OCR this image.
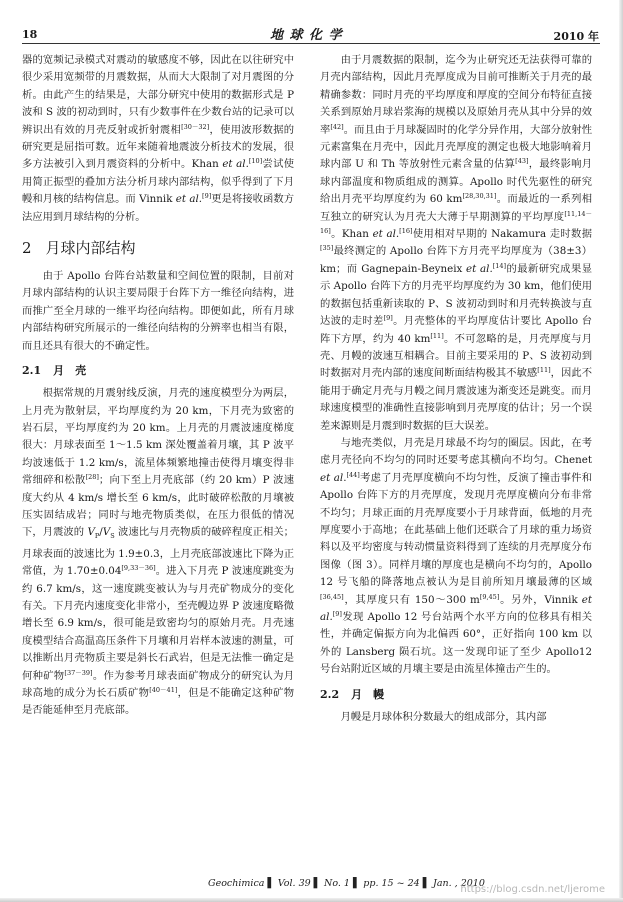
18	地 球 化 学	2010 年

器的宽频记录模式对震动的敏感度不够，因此在以往研究中很少采用宽频带的月震数据，从而大大限制了对月震图的分析。由此产生的结果是，大部分研究中使用的数据形式是 P 波和 S 波的初动到时，只有少数事件在少数台站的记录可以辨识出有效的月壳反射或折射震相[30－32]，使用波形数据的研究更是屈指可数。近年来随着地震波分析技术的发展，很多方法被引入到月震资料的分析中。Khan et al.[10]尝试使用简正振型的叠加方法分析月球内部结构，似乎得到了下月幔和月核的结构信息。而 Vinnik et al.[9]更是将接收函数方法应用到月球结构的分析。

2 月球内部结构

由于 Apollo 台阵台站数量和空间位置的限制，目前对月球内部结构的认识主要局限于台阵下方一维径向结构，进而推广至全月球的一维平均径向结构。即便如此，所有月球内部结构研究所展示的一维径向结构的分辨率也相当有限，而且还具有很大的不确定性。

2.1 月　壳

根据常规的月震射线反演，月壳的速度模型分为两层，上月壳为散射层，平均厚度约为 20 km，下月壳为致密的岩石层，平均厚度约为 20 km。上月壳的月震波速度梯度很大：月球表面至 1～1.5 km 深处覆盖着月壤，其 P 波平均波速低于 1.2 km/s，流星体频繁地撞击使得月壤变得非常细碎和松散[28]；向下至上月壳底部（约 20 km）P 波速度大约从 4 km/s 增长至 6 km/s，此时破碎松散的月壤被压实固结成岩；同时与地壳物质类似，在压力很低的情况下，月震波的 $V_P/V_S$ 波速比与月壳物质的破碎程度正相关；月球表面的波速比为 1.9±0.3，上月壳底部波速比下降为正常值，为 1.70±0.04[9,33－36]。进入下月壳 P 波速度跳变为约 6.7 km/s，这一速度跳变被认为与月壳矿物成分的变化有关。下月壳内速度变化非常小，至壳幔边界 P 波速度略微增长至 6.9 km/s，很可能是致密均匀的原始月壳。月壳速度模型结合高温高压条件下月壤和月岩样本波速的测量，可以推断出月壳物质主要是斜长石武岩，但是无法惟一确定是何种矿物[37－39]。作为参考月球表面矿物成分的研究认为月球高地的成分为长石质矿物[40－41]，但是不能确定这种矿物是否能延伸至月壳底部。

由于月震数据的限制，迄今为止研究还无法获得可靠的月壳内部结构，因此月壳厚度成为目前可推断关于月壳的最精确参数：同时月壳的平均厚度和厚度的空间分布特征直接关系到原始月球岩浆海的规模以及原始月壳从其中分异的效率[42]。而且由于月球凝固时的化学分异作用，大部分放射性元素富集在月壳中，因此月壳厚度的测定也极大地影响着月球内部 U 和 Th 等放射性元素含量的估算[43]，最终影响月球内部温度和物质组成的测算。Apollo 时代先驱性的研究给出月壳平均厚度约为 60 km[28,30,31]。而最近的一系列相互独立的研究认为月壳大大薄于早期测算的平均厚度[11,14－16]。Khan et al.[16]使用相对早期的 Nakamura 走时数据[35]最终测定的 Apollo 台阵下方月壳平均厚度为（38±3）km；而 Gagnepain-Beyneix et al.[14]的最新研究成果显示 Apollo 台阵下方的月壳平均厚度约为 30 km，他们使用的数据包括重新读取的 P、S 波初动到时和月壳转换波与直达波的走时差[9]。月壳整体的平均厚度估计要比 Apollo 台阵下方厚，约为 40 km[11]。不可忽略的是，月壳厚度与月壳、月幔的波速互相耦合。目前主要采用的 P、S 波初动到时数据对月壳内部的速度间断面结构极其不敏感[11]，因此不能用于确定月壳与月幔之间月震波速为渐变还是跳变。而月球速度模型的准确性直接影响到月壳厚度的估计；另一个误差来源则是月震到时数据的巨大误差。

与地壳类似，月壳是月球最不均匀的圈层。因此，在考虑月壳径向不均匀的同时还要考虑其横向不均匀。Chenet et al.[44]考虑了月壳厚度横向不均匀性，反演了撞击事件和 Apollo 台阵下方的月壳厚度，发现月壳厚度横向分布非常不均匀；月球正面的月壳厚度要小于月球背面，低地的月壳厚度要小于高地；在此基础上他们还联合了月球的重力场资料以及平均密度与转动惯量资料得到了连续的月壳厚度分布图像（图 3）。同样月壤的厚度也是横向不均匀的，Apollo 12 号飞船的降落地点被认为是目前所知月壤最薄的区域[36,45]，其厚度只有 150～300 m[9,45]。另外，Vinnik et al.[9]发现 Apollo 12 号台站两个水平方向的位移具有相关性，并确定偏振方向为北偏西 60°，正好指向 100 km 以外的 Lansberg 陨石坑。这一发现印证了至少 Apollo12 号台站附近区域的月壤主要是由流星体撞击产生的。

2.2 月　幔

月幔是月球体积分数最大的组成部分，其内部

Geochimica ▌ Vol. 39 ▌ No. 1 ▌ pp. 15 ~ 24 ▌ Jan. , 2010
https://blog.csdn.net/ljerome
